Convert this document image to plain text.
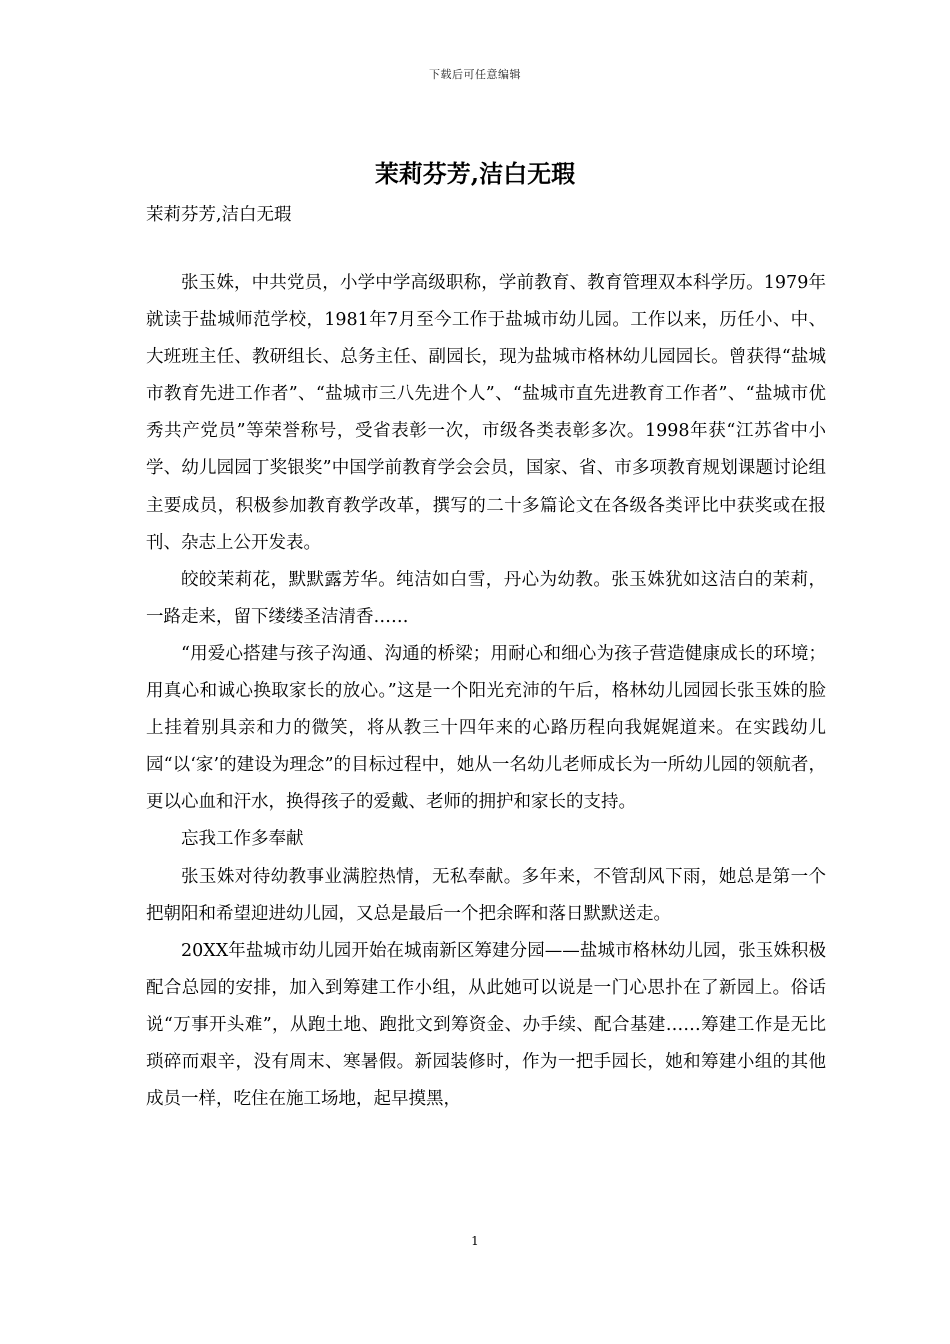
下载后可任意编辑
茉莉芬芳,洁白无瑕
茉莉芬芳,洁白无瑕

张玉姝，中共党员，小学中学高级职称，学前教育、教育管理双本科学历。1979年就读于盐城师范学校，1981年7月至今工作于盐城市幼儿园。工作以来，历任小、中、大班班主任、教研组长、总务主任、副园长，现为盐城市格林幼儿园园长。曾获得“盐城市教育先进工作者”、“盐城市三八先进个人”、“盐城市直先进教育工作者”、“盐城市优秀共产党员”等荣誉称号，受省表彰一次，市级各类表彰多次。1998年获“江苏省中小学、幼儿园园丁奖银奖”中国学前教育学会会员，国家、省、市多项教育规划课题讨论组主要成员，积极参加教育教学改革，撰写的二十多篇论文在各级各类评比中获奖或在报刊、杂志上公开发表。

皎皎茉莉花，默默露芳华。纯洁如白雪，丹心为幼教。张玉姝犹如这洁白的茉莉，一路走来，留下缕缕圣洁清香……

“用爱心搭建与孩子沟通、沟通的桥梁；用耐心和细心为孩子营造健康成长的环境；用真心和诚心换取家长的放心。”这是一个阳光充沛的午后，格林幼儿园园长张玉姝的脸上挂着别具亲和力的微笑，将从教三十四年来的心路历程向我娓娓道来。在实践幼儿园“以‘家’的建设为理念”的目标过程中，她从一名幼儿老师成长为一所幼儿园的领航者，更以心血和汗水，换得孩子的爱戴、老师的拥护和家长的支持。

忘我工作多奉献

张玉姝对待幼教事业满腔热情，无私奉献。多年来，不管刮风下雨，她总是第一个把朝阳和希望迎进幼儿园，又总是最后一个把余晖和落日默默送走。

20XX年盐城市幼儿园开始在城南新区筹建分园——盐城市格林幼儿园，张玉姝积极配合总园的安排，加入到筹建工作小组，从此她可以说是一门心思扑在了新园上。俗话说“万事开头难”，从跑土地、跑批文到筹资金、办手续、配合基建……筹建工作是无比琐碎而艰辛，没有周末、寒暑假。新园装修时，作为一把手园长，她和筹建小组的其他成员一样，吃住在施工场地，起早摸黑，

1
